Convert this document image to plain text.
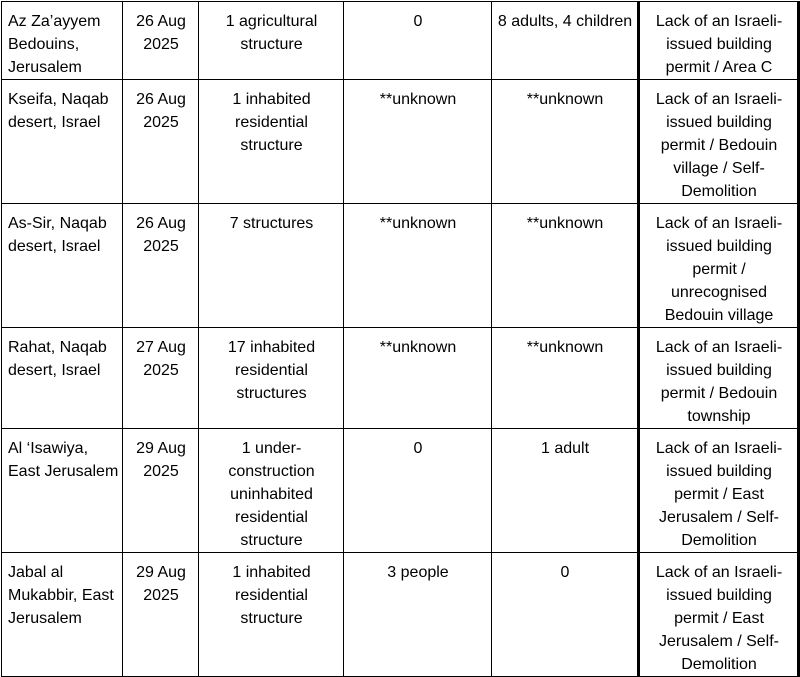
Az Za’ayyem Bedouins, Jerusalem	26 Aug 2025	1 agricultural structure	0	8 adults, 4 children	Lack of an Israeli-issued building permit / Area C
Kseifa, Naqab desert, Israel	26 Aug 2025	1 inhabited residential structure	**unknown	**unknown	Lack of an Israeli-issued building permit / Bedouin village / Self-Demolition
As-Sir, Naqab desert, Israel	26 Aug 2025	7 structures	**unknown	**unknown	Lack of an Israeli-issued building permit / unrecognised Bedouin village
Rahat, Naqab desert, Israel	27 Aug 2025	17 inhabited residential structures	**unknown	**unknown	Lack of an Israeli-issued building permit / Bedouin township
Al ‘Isawiya, East Jerusalem	29 Aug 2025	1 under-construction uninhabited residential structure	0	1 adult	Lack of an Israeli-issued building permit / East Jerusalem / Self-Demolition
Jabal al Mukabbir, East Jerusalem	29 Aug 2025	1 inhabited residential structure	3 people	0	Lack of an Israeli-issued building permit / East Jerusalem / Self-Demolition
